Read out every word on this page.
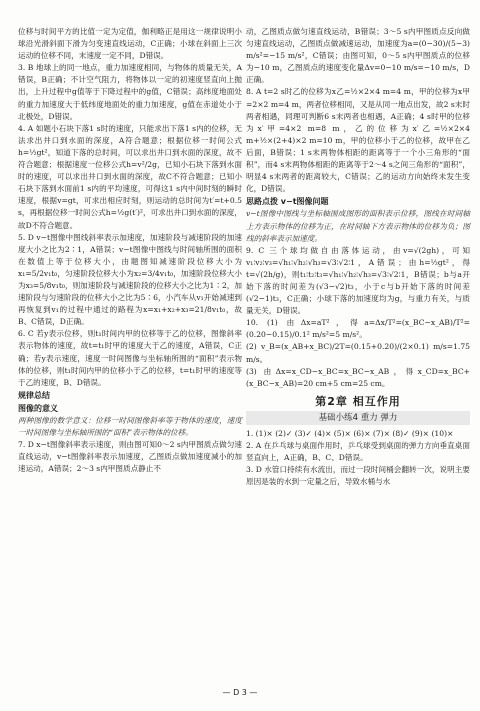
位移与时间平方的比值一定为定值，伽利略正是用这一规律说明小球沿光滑斜面下滑为匀变速直线运动，C正确；小球在斜面上三次运动的位移不同，末速度一定不同，D错误。

3. B 地球上的同一地点，重力加速度相同，与物体的质量无关，A错误，B正确；不计空气阻力，将物体以一定的初速度竖直向上抛出，上升过程中g值等于下降过程中的g值，C错误；高纬度地面处的重力加速度大于低纬度地面处的重力加速度，g值在赤道处小于北极处，D错误。

4. A 如题小石块下落1 s时的速度，只能求出下落1 s内的位移，无法求出井口到水面的深度，A符合题意；根据位移一时间公式h=½gt²，知道下落的总时间，可以求出井口到水面的深度，故不符合题意；根据速度一位移公式h=v²/2g，已知小石块下落到水面时的速度，可以求出井口到水面的深度，故C不符合题意；已知小石块下落到水面前1 s内的平均速度，可得这1 s内中间时刻的瞬时速度，根据v=gt，可求出相应时刻，则运动的总时间为t′=t+0.5 s，再根据位移一时间公式h=½g(t′)²，可求出井口到水面的深度，故D不符合题意。

5. D v−t图像中图线斜率表示加速度，加速阶段与减速阶段的加速度大小之比为2∶1，A错误；v−t图像中图线与时间轴所围的面积在数值上等于位移大小，由题图知减速阶段位移大小为x₁=5/2v₁t₀，匀速阶段位移大小为x₂=3/4v₁t₀，加速阶段位移大小为x₃=5/8v₁t₀，则加速阶段与减速阶段的位移大小之比为1∶2，加速阶段与匀速阶段的位移大小之比为5∶6，小汽车从v₁开始减速到再恢复到v₁的过程中通过的路程为x=x₁+x₂+x₃=21/8v₁t₀，故B、C错误，D正确。

6. C 若y表示位移，则t₁时间内甲的位移等于乙的位移，图像斜率表示物体的速度，故t=t₁时甲的速度大于乙的速度，A错误，C正确；若y表示速度，速度一时间图像与坐标轴所围的“面积”表示物体的位移，则t₁时间内甲的位移小于乙的位移，t=t₁时甲的速度等于乙的速度，B、D错误。

规律总结
图像的意义

两种图像的数学意义：位移一时间图像斜率等于物体的速度，速度一时间图像与坐标轴所围的“面积”表示物体的位移。

7. D x−t图像斜率表示速度，则由图可知0～2 s内甲图质点做匀速直线运动，v−t图像斜率表示加速度，乙图质点做加速度减小的加速运动，A错误；2～3 s内甲图质点静止不

动，乙图质点做匀速直线运动，B错误；3～5 s内甲图质点反向做匀速直线运动，乙图质点做减速运动，加速度为a=(0−30)/(5−3) m/s²=−15 m/s²，C错误；由图可知，0～5 s内甲图质点的位移为−10 m，乙图质点的速度变化量Δv=0−10 m/s=−10 m/s，D正确。

8. A t=2 s时乙的位移为x乙=½×2×4 m=4 m，甲的位移为x甲=2×2 m=4 m，两者位移相同，又是从同一地点出发，故2 s末时两者相遇，同理可判断6 s末两者也相遇，A正确；4 s时甲的位移为x′甲=4×2 m=8 m，乙的位移为x′乙=½×2×4 m+½×(2+4)×2 m=10 m，甲的位移小于乙的位移，故甲在乙后面，B错误；1 s末两物体相距的距离等于一个小三角形的“面积”，而4 s末两物体相距的距离等于2～4 s之间三角形的“面积”，明显4 s末两者的距离较大，C错误；乙的运动方向始终未发生变化，D错误。

思路点拨 v−t图像问题

v−t图像中图线与坐标轴围成图形的面积表示位移，图线在时间轴上方表示物体的位移为正，在时间轴下方表示物体的位移为负；图线的斜率表示加速度。

9. C 三个球均做自由落体运动，由v=√(2gh)，可知v₁∶v₂∶v₃=√h₁∶√h₂∶√h₃=√3∶√2∶1，A错误；由h=½gt²，得t=√(2h/g)，则t₁∶t₂∶t₃=√h₁∶√h₂∶√h₃=√3∶√2∶1，B错误；b与a开始下落的时间差为(√3−√2)t₃，小于c与b开始下落的时间差(√2−1)t₃，C正确；小球下落的加速度均为g，与重力有关，与质量无关，D错误。

10. (1) 由Δx=aT²，得a=Δx/T²=(x_BC−x_AB)/T²=(0.20−0.15)/0.1² m/s²=5 m/s²。

(2) v_B=(x_AB+x_BC)/2T=(0.15+0.20)/(2×0.1) m/s=1.75 m/s。

(3) 由Δx=x_CD−x_BC=x_BC−x_AB，得x_CD=x_BC+(x_BC−x_AB)=20 cm+5 cm=25 cm。

第2章 相互作用
基础小练4 重力 弹力

1. (1)× (2)✓ (3)✓ (4)× (5)× (6)× (7)× (8)✓ (9)× (10)×

2. A 在乒乓球与桌面作用时，乒乓球受到桌面的弹力方向垂直桌面竖直向上，A正确，B、C、D错误。

3. D 水管口持续有水流出，而过一段时间桶会翻转一次，说明主要原因是装的水到一定量之后，导致水桶与水

— D 3 —
